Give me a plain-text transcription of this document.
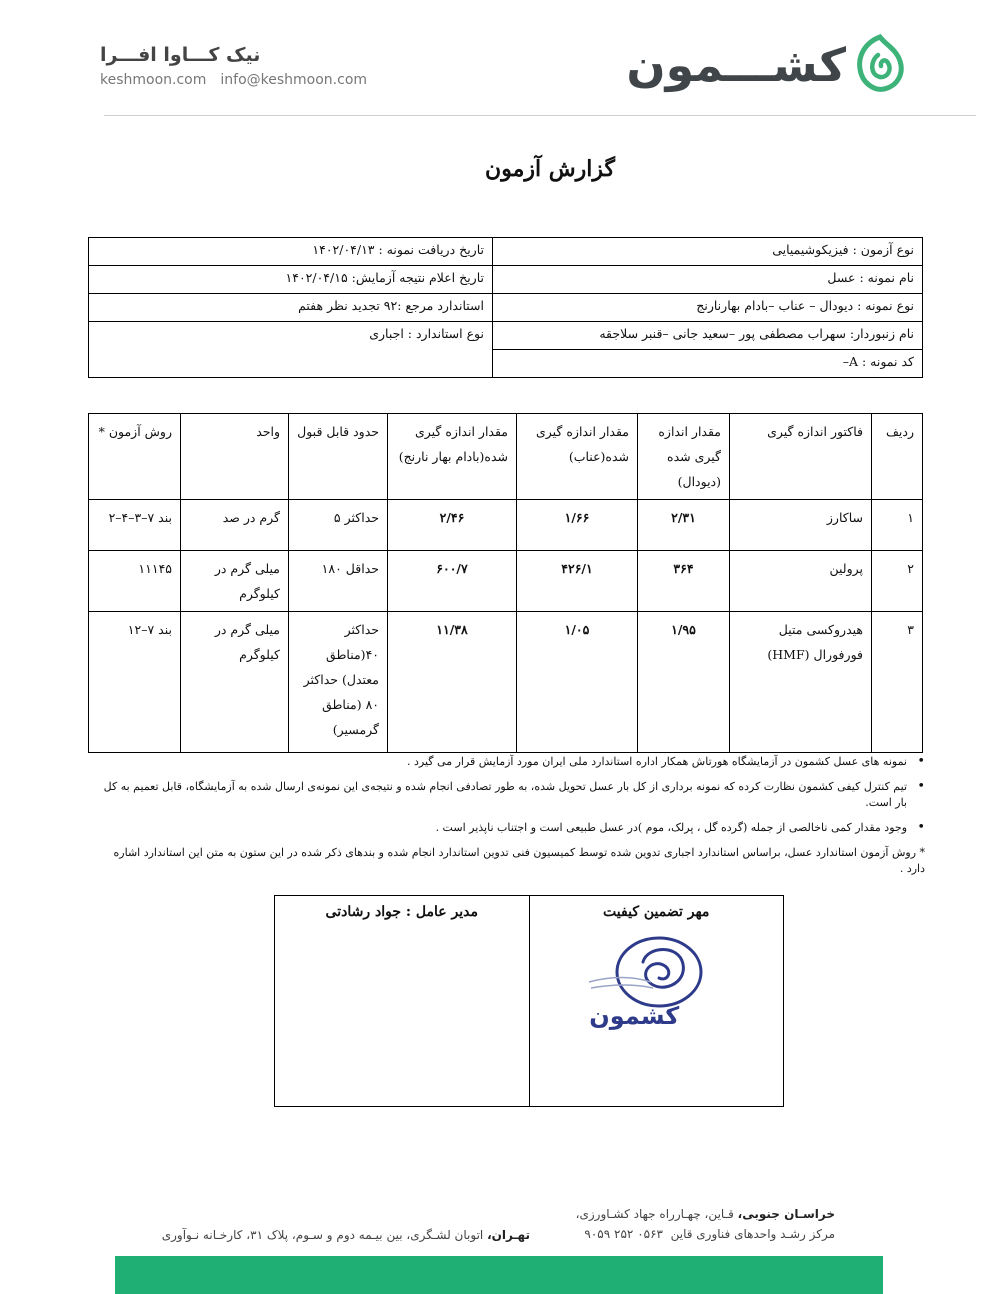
کشـــمون
نیک کـــاوا افـــرا
keshmoon.com info@keshmoon.com
گزارش آزمون
نوع آزمون : فیزیکوشیمیایی	تاریخ دریافت نمونه : ۱۴۰۲/۰۴/۱۳
نام نمونه : عسل	تاریخ اعلام نتیجه آزمایش: ۱۴۰۲/۰۴/۱۵
نوع نمونه : دیودال – عناب –بادام بهارنارنج	استاندارد مرجع :۹۲ تجدید نظر هفتم
نام زنبوردار: سهراب مصطفی پور –سعید جانی –قنبر سلاجقه	نوع استاندارد : اجباری
کد نمونه : A–	
ردیف	فاکتور اندازه گیری	مقدار اندازه گیری شده (دیودال)	مقدار اندازه گیری شده(عناب)	مقدار اندازه گیری شده(بادام بهار نارنج)	حدود قابل قبول	واحد	روش آزمون *
۱	ساکارز	۲/۳۱	۱/۶۶	۲/۴۶	حداکثر ۵	گرم در صد	بند ۷–۳–۴–۲
۲	پرولین	۳۶۴	۴۲۶/۱	۶۰۰/۷	حداقل ۱۸۰	میلی گرم در کیلوگرم	۱۱۱۴۵
۳	هیدروکسی متیل فورفورال (HMF)	۱/۹۵	۱/۰۵	۱۱/۳۸	حداکثر ۴۰(مناطق معتدل) حداکثر ۸۰ (مناطق گرمسیر)	میلی گرم در کیلوگرم	بند ۷–۱۲
•
نمونه های عسل کشمون در آزمایشگاه هورتاش همکار اداره استاندارد ملی ایران مورد آزمایش قرار می گیرد .
•
تیم کنترل کیفی کشمون نظارت کرده که نمونه برداری از کل بار عسل تحویل شده، به طور تصادفی انجام شده و نتیجه‌ی این نمونه‌ی ارسال شده به آزمایشگاه، قابل تعمیم به کل بار است.
•
وجود مقدار کمی ناخالصی از جمله (گرده گل ، پرلک، موم )در عسل طبیعی است و اجتناب ناپذیر است .
* روش آزمون استاندارد عسل، براساس استاندارد اجباری تدوین شده توسط کمیسیون فنی تدوین استاندارد انجام شده و بندهای ذکر شده در این ستون به متن این استاندارد اشاره دارد .
مهر تضمین کیفیت
کشمون

مدیر عامل : جواد رشادتی
خراسـان جنوبی، قـاین، چهـارراه جهاد کشـاورزی،
مرکز رشـد واحدهای فناوری قاین  ۰۵۶۳ ۲۵۲ ۹۰۵۹
تهـران، اتوبان لشـگری، بین بیـمه دوم و سـوم، پلاک ۳۱، کارخـانه نـوآوری
